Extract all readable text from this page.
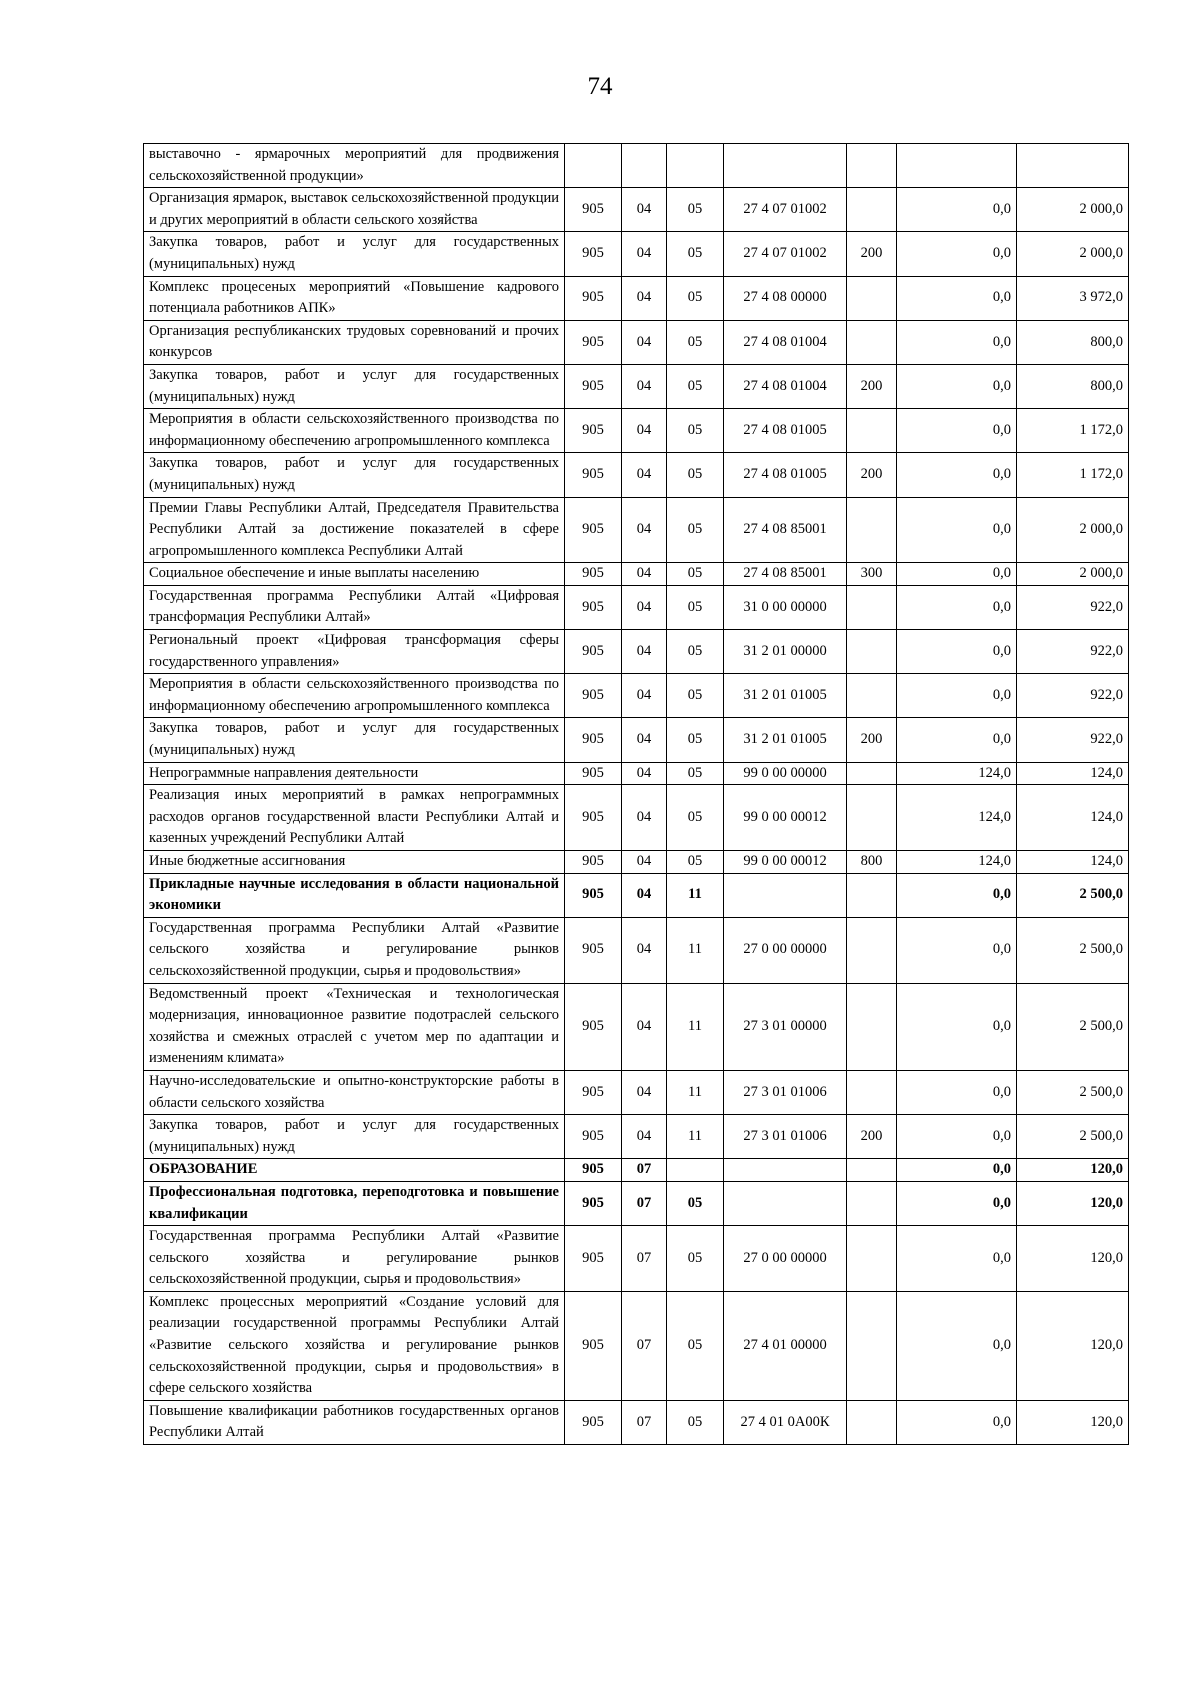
74
выставочно - ярмарочных мероприятий для продвижения сельскохозяйственной продукции»							
Организация ярмарок, выставок сельскохозяйственной продукции и других мероприятий в области сельского хозяйства	905	04	05	27 4 07 01002		0,0	2 000,0
Закупка товаров, работ и услуг для государственных (муниципальных) нужд	905	04	05	27 4 07 01002	200	0,0	2 000,0
Комплекс процесеных мероприятий «Повышение кадрового потенциала работников АПК»	905	04	05	27 4 08 00000		0,0	3 972,0
Организация республиканских трудовых соревнований и прочих конкурсов	905	04	05	27 4 08 01004		0,0	800,0
Закупка товаров, работ и услуг для государственных (муниципальных) нужд	905	04	05	27 4 08 01004	200	0,0	800,0
Мероприятия в области сельскохозяйственного производства по информационному обеспечению агропромышленного комплекса	905	04	05	27 4 08 01005		0,0	1 172,0
Закупка товаров, работ и услуг для государственных (муниципальных) нужд	905	04	05	27 4 08 01005	200	0,0	1 172,0
Премии Главы Республики Алтай, Председателя Правительства Республики Алтай за достижение показателей в сфере агропромышленного комплекса Республики Алтай	905	04	05	27 4 08 85001		0,0	2 000,0
Социальное обеспечение и иные выплаты населению	905	04	05	27 4 08 85001	300	0,0	2 000,0
Государственная программа Республики Алтай «Цифровая трансформация Республики Алтай»	905	04	05	31 0 00 00000		0,0	922,0
Региональный проект «Цифровая трансформация сферы государственного управления»	905	04	05	31 2 01 00000		0,0	922,0
Мероприятия в области сельскохозяйственного производства по информационному обеспечению агропромышленного комплекса	905	04	05	31 2 01 01005		0,0	922,0
Закупка товаров, работ и услуг для государственных (муниципальных) нужд	905	04	05	31 2 01 01005	200	0,0	922,0
Непрограммные направления деятельности	905	04	05	99 0 00 00000		124,0	124,0
Реализация иных мероприятий в рамках непрограммных расходов органов государственной власти Республики Алтай и казенных учреждений Республики Алтай	905	04	05	99 0 00 00012		124,0	124,0
Иные бюджетные ассигнования	905	04	05	99 0 00 00012	800	124,0	124,0
Прикладные научные исследования в области национальной экономики	905	04	11			0,0	2 500,0
Государственная программа Республики Алтай «Развитие сельского хозяйства и регулирование рынков сельскохозяйственной продукции, сырья и продовольствия»	905	04	11	27 0 00 00000		0,0	2 500,0
Ведомственный проект «Техническая и технологическая модернизация, инновационное развитие подотраслей сельского хозяйства и смежных отраслей с учетом мер по адаптации и изменениям климата»	905	04	11	27 3 01 00000		0,0	2 500,0
Научно-исследовательские и опытно-конструкторские работы в области сельского хозяйства	905	04	11	27 3 01 01006		0,0	2 500,0
Закупка товаров, работ и услуг для государственных (муниципальных) нужд	905	04	11	27 3 01 01006	200	0,0	2 500,0
ОБРАЗОВАНИЕ	905	07				0,0	120,0
Профессиональная подготовка, переподготовка и повышение квалификации	905	07	05			0,0	120,0
Государственная программа Республики Алтай «Развитие сельского хозяйства и регулирование рынков сельскохозяйственной продукции, сырья и продовольствия»	905	07	05	27 0 00 00000		0,0	120,0
Комплекс процессных мероприятий «Создание условий для реализации государственной программы Республики Алтай «Развитие сельского хозяйства и регулирование рынков сельскохозяйственной продукции, сырья и продовольствия» в сфере сельского хозяйства	905	07	05	27 4 01 00000		0,0	120,0
Повышение квалификации работников государственных органов Республики Алтай	905	07	05	27 4 01 0А00К		0,0	120,0
